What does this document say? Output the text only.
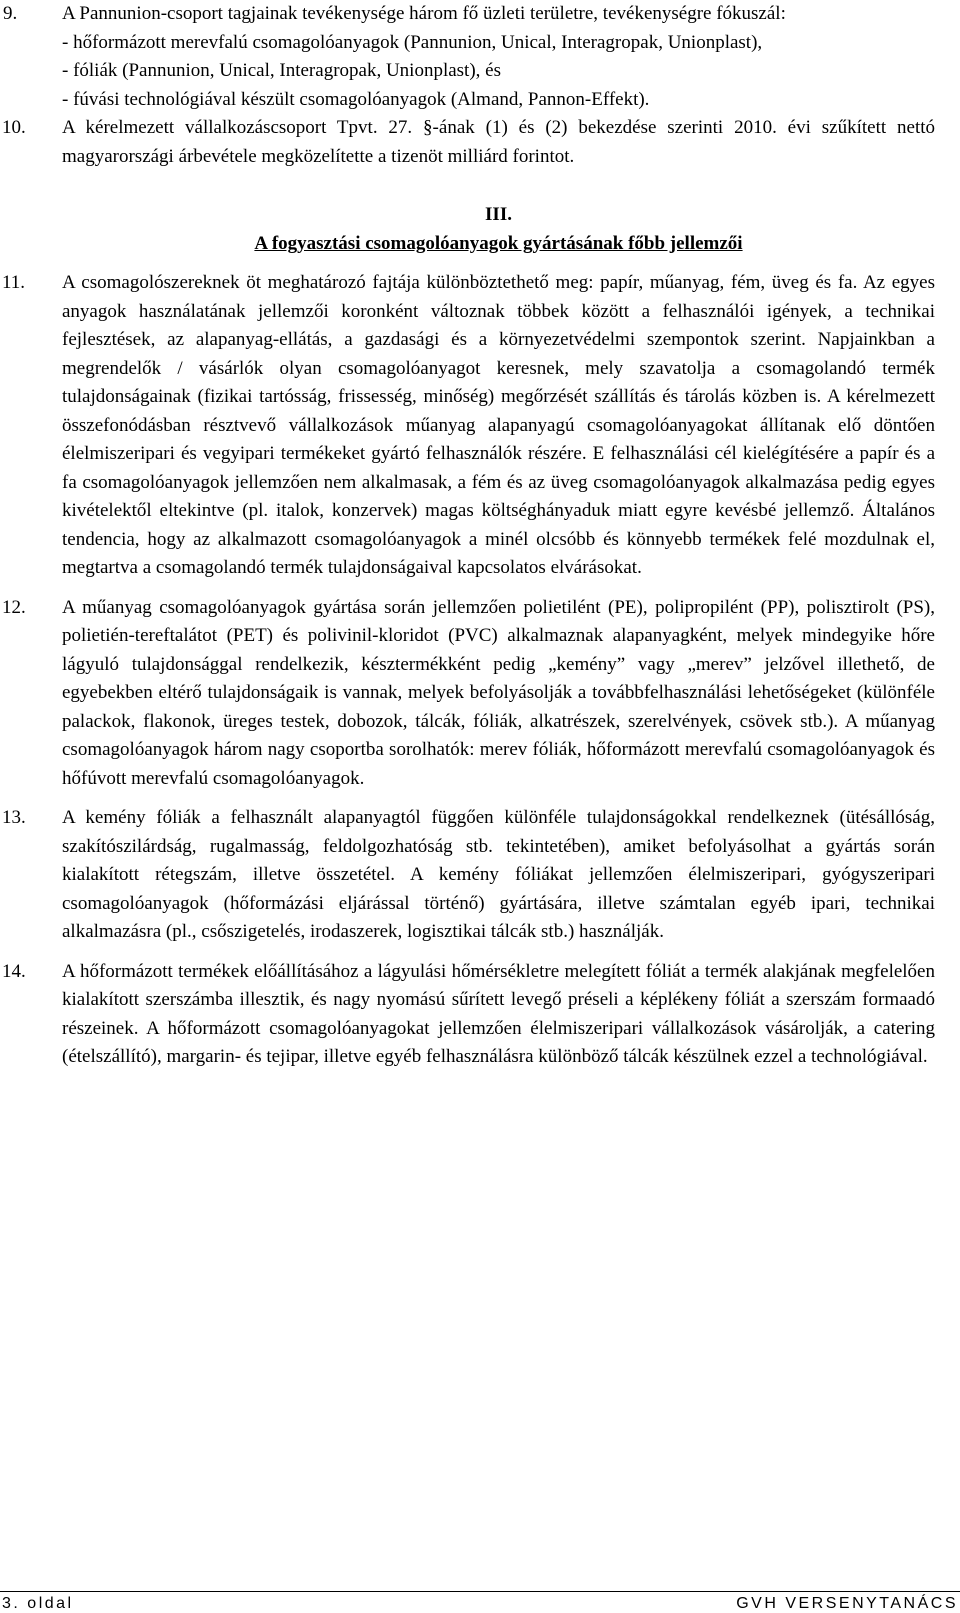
9. A Pannunion-csoport tagjainak tevékenysége három fő üzleti területre, tevékenységre fókuszál:
- hőformázott merevfalú csomagolóanyagok (Pannunion, Unical, Interagropak, Unionplast),
- fóliák (Pannunion, Unical, Interagropak, Unionplast), és
- fúvási technológiával készült csomagolóanyagok (Almand, Pannon-Effekt).
10. A kérelmezett vállalkozáscsoport Tpvt. 27. §-ának (1) és (2) bekezdése szerinti 2010. évi szűkített nettó magyarországi árbevétele megközelítette a tizenöt milliárd forintot.
III.
A fogyasztási csomagolóanyagok gyártásának főbb jellemzői
11. A csomagolószereknek öt meghatározó fajtája különböztethető meg: papír, műanyag, fém, üveg és fa. Az egyes anyagok használatának jellemzői koronként változnak többek között a felhasználói igények, a technikai fejlesztések, az alapanyag-ellátás, a gazdasági és a környezetvédelmi szempontok szerint. Napjainkban a megrendelők / vásárlók olyan csomagolóanyagot keresnek, mely szavatolja a csomagolandó termék tulajdonságainak (fizikai tartósság, frissesség, minőség) megőrzését szállítás és tárolás közben is. A kérelmezett összefonódásban résztvevő vállalkozások műanyag alapanyagú csomagolóanyagokat állítanak elő döntően élelmiszeripari és vegyipari termékeket gyártó felhasználók részére. E felhasználási cél kielégítésére a papír és a fa csomagolóanyagok jellemzően nem alkalmasak, a fém és az üveg csomagolóanyagok alkalmazása pedig egyes kivételektől eltekintve (pl. italok, konzervek) magas költséghányaduk miatt egyre kevésbé jellemző. Általános tendencia, hogy az alkalmazott csomagolóanyagok a minél olcsóbb és könnyebb termékek felé mozdulnak el, megtartva a csomagolandó termék tulajdonságaival kapcsolatos elvárásokat.
12. A műanyag csomagolóanyagok gyártása során jellemzően polietilént (PE), polipropilént (PP), polisztirolt (PS), polietién-tereftalátot (PET) és polivinil-kloridot (PVC) alkalmaznak alapanyagként, melyek mindegyike hőre lágyuló tulajdonsággal rendelkezik, késztermékként pedig „kemény” vagy „merev” jelzővel illethető, de egyebekben eltérő tulajdonságaik is vannak, melyek befolyásolják a továbbfelhasználási lehetőségeket (különféle palackok, flakonok, üreges testek, dobozok, tálcák, fóliák, alkatrészek, szerelvények, csövek stb.). A műanyag csomagolóanyagok három nagy csoportba sorolhatók: merev fóliák, hőformázott merevfalú csomagolóanyagok és hőfúvott merevfalú csomagolóanyagok.
13. A kemény fóliák a felhasznált alapanyagtól függően különféle tulajdonságokkal rendelkeznek (ütésállóság, szakítószilárdság, rugalmasság, feldolgozhatóság stb. tekintetében), amiket befolyásolhat a gyártás során kialakított rétegszám, illetve összetétel. A kemény fóliákat jellemzően élelmiszeripari, gyógyszeripari csomagolóanyagok (hőformázási eljárással történő) gyártására, illetve számtalan egyéb ipari, technikai alkalmazásra (pl., csőszigetelés, irodaszerek, logisztikai tálcák stb.) használják.
14. A hőformázott termékek előállításához a lágyulási hőmérsékletre melegített fóliát a termék alakjának megfelelően kialakított szerszámba illesztik, és nagy nyomású sűrített levegő préseli a képlékeny fóliát a szerszám formaadó részeinek. A hőformázott csomagolóanyagokat jellemzően élelmiszeripari vállalkozások vásárolják, a catering (ételszállító), margarin- és tejipar, illetve egyéb felhasználásra különböző tálcák készülnek ezzel a technológiával.
3. oldal	GVH VERSENYTANÁCS
